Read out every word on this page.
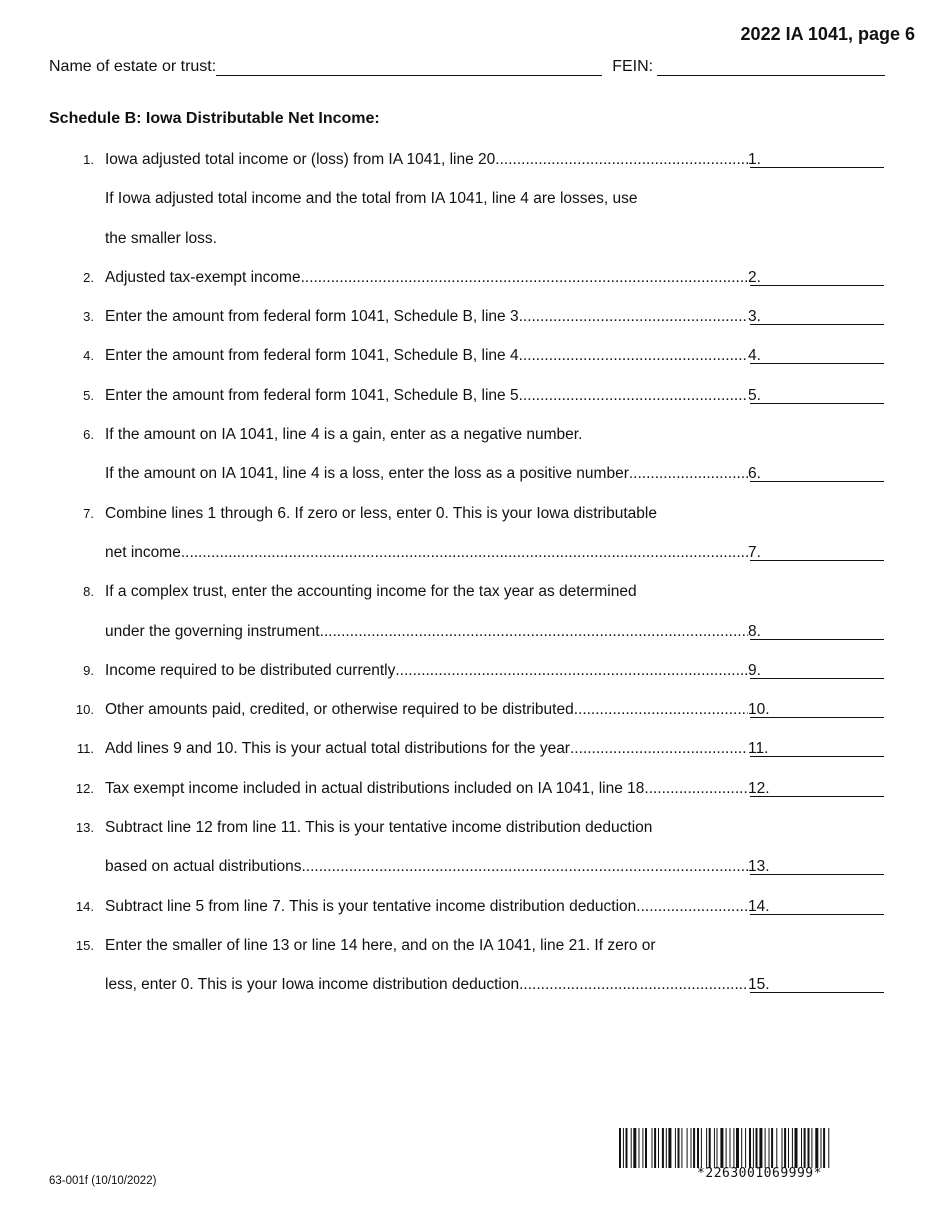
2022 IA 1041, page 6
Name of estate or trust:	FEIN:
Schedule B: Iowa Distributable Net Income:
1. Iowa adjusted total income or (loss) from IA 1041, line 20 .....	1.
If Iowa adjusted total income and the total from IA 1041, line 4 are losses, use
the smaller loss.
2. Adjusted tax-exempt income .....	2.
3. Enter the amount from federal form 1041, Schedule B, line 3 .....	3.
4. Enter the amount from federal form 1041, Schedule B, line 4 .....	4.
5. Enter the amount from federal form 1041, Schedule B, line 5 .....	5.
6. If the amount on IA 1041, line 4 is a gain, enter as a negative number.
If the amount on IA 1041, line 4 is a loss, enter the loss as a positive number .....	6.
7. Combine lines 1 through 6. If zero or less, enter 0. This is your Iowa distributable
net income .....	7.
8. If a complex trust, enter the accounting income for the tax year as determined
under the governing instrument .....	8.
9. Income required to be distributed currently .....	9.
10. Other amounts paid, credited, or otherwise required to be distributed .....	10.
11. Add lines 9 and 10. This is your actual total distributions for the year .....	11.
12. Tax exempt income included in actual distributions included on IA 1041, line 18 .....	12.
13. Subtract line 12 from line 11. This is your tentative income distribution deduction
based on actual distributions .....	13.
14. Subtract line 5 from line 7. This is your tentative income distribution deduction. .....	14.
15. Enter the smaller of line 13 or line 14 here, and on the IA 1041, line 21. If zero or
less, enter 0. This is your Iowa income distribution deduction .....	15.
63-001f (10/10/2022)	*2263001069999*
